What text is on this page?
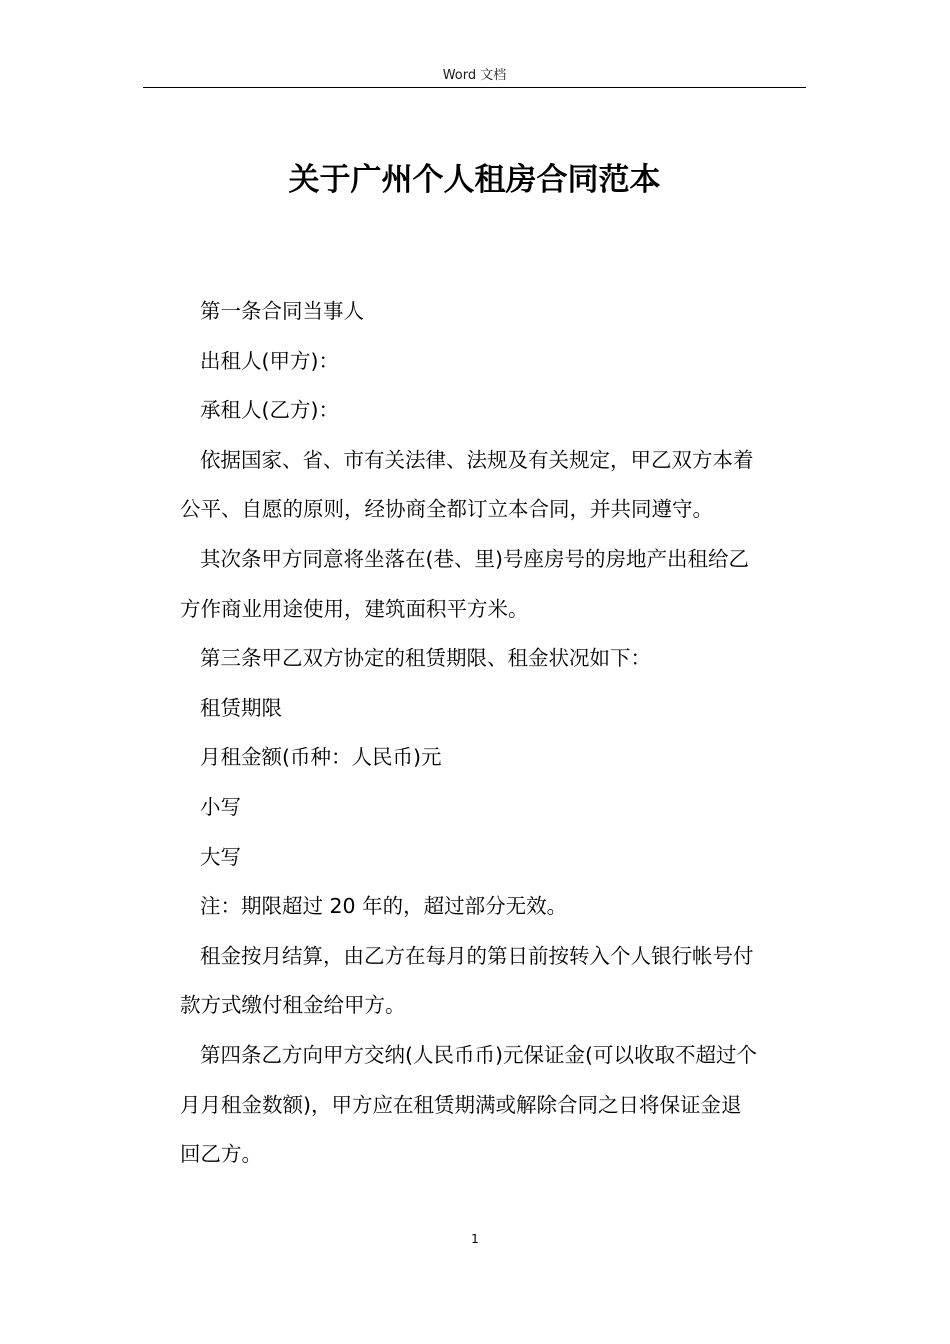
Word 文档
关于广州个人租房合同范本

第一条合同当事人

出租人(甲方)：

承租人(乙方)：

依据国家、省、市有关法律、法规及有关规定，甲乙双方本着
公平、自愿的原则，经协商全都订立本合同，并共同遵守。

其次条甲方同意将坐落在(巷、里)号座房号的房地产出租给乙
方作商业用途使用，建筑面积平方米。

第三条甲乙双方协定的租赁期限、租金状况如下：

租赁期限

月租金额(币种：人民币)元

小写

大写

注：期限超过 20 年的，超过部分无效。

租金按月结算，由乙方在每月的第日前按转入个人银行帐号付
款方式缴付租金给甲方。

第四条乙方向甲方交纳(人民币币)元保证金(可以收取不超过个
月月租金数额)，甲方应在租赁期满或解除合同之日将保证金退
回乙方。

1
